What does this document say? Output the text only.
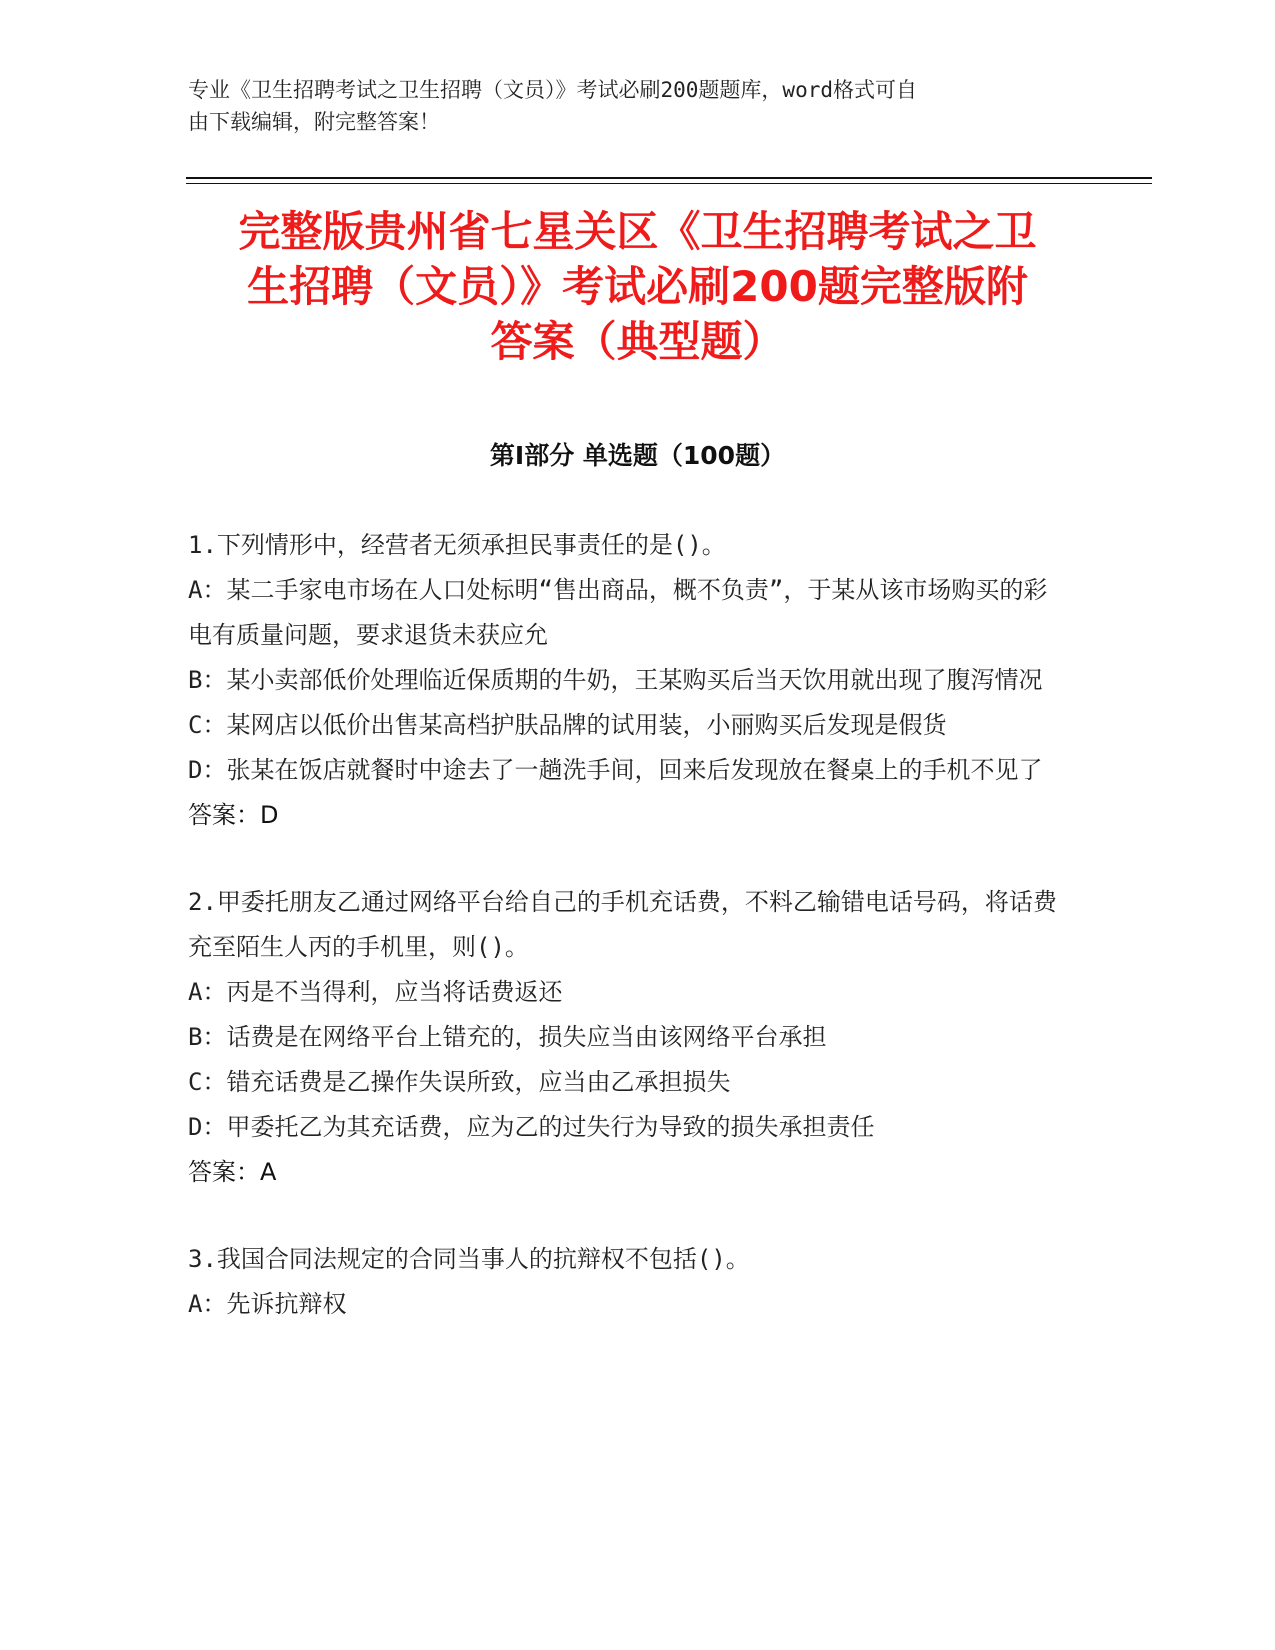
专业《卫生招聘考试之卫生招聘（文员）》考试必刷200题题库，word格式可自
由下载编辑，附完整答案！
完整版贵州省七星关区《卫生招聘考试之卫
生招聘（文员）》考试必刷200题完整版附
答案（典型题）
第Ⅰ部分 单选题（100题）

1.下列情形中，经营者无须承担民事责任的是()。

A：某二手家电市场在人口处标明“售出商品，概不负责”，于某从该市场购买的彩电有质量问题，要求退货未获应允

B：某小卖部低价处理临近保质期的牛奶，王某购买后当天饮用就出现了腹泻情况

C：某网店以低价出售某高档护肤品牌的试用装，小丽购买后发现是假货

D：张某在饭店就餐时中途去了一趟洗手间，回来后发现放在餐桌上的手机不见了

答案：D

2.甲委托朋友乙通过网络平台给自己的手机充话费，不料乙输错电话号码，将话费充至陌生人丙的手机里，则()。

A：丙是不当得利，应当将话费返还

B：话费是在网络平台上错充的，损失应当由该网络平台承担

C：错充话费是乙操作失误所致，应当由乙承担损失

D：甲委托乙为其充话费，应为乙的过失行为导致的损失承担责任

答案：A

3.我国合同法规定的合同当事人的抗辩权不包括()。

A：先诉抗辩权
